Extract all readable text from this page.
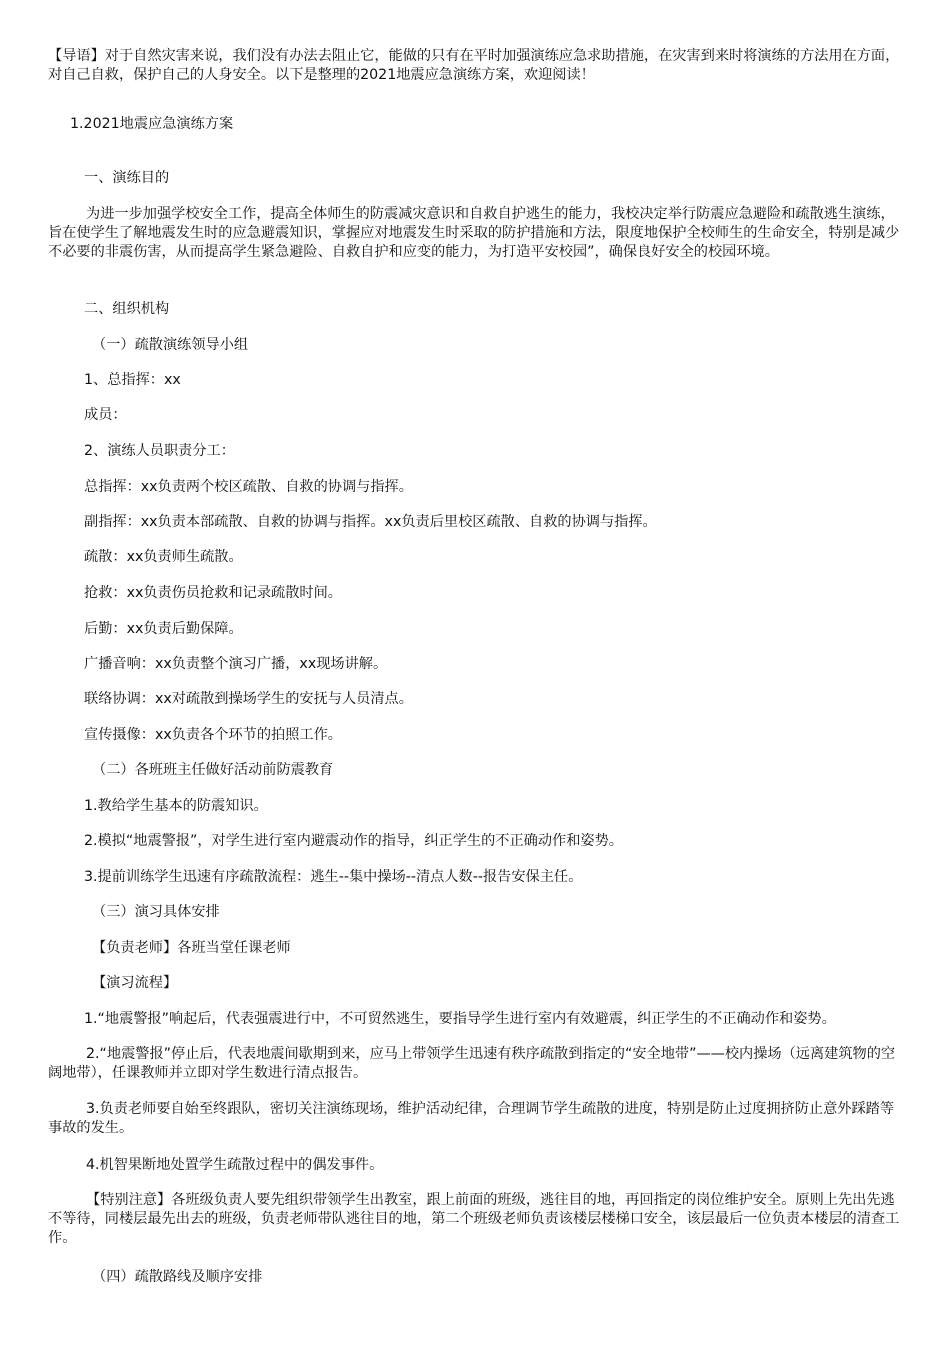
【导语】对于自然灾害来说，我们没有办法去阻止它，能做的只有在平时加强演练应急求助措施，在灾害到来时将演练的方法用在方面，对自己自救，保护自己的人身安全。以下是整理的2021地震应急演练方案，欢迎阅读！

1.2021地震应急演练方案

一、演练目的

为进一步加强学校安全工作，提高全体师生的防震减灾意识和自救自护逃生的能力，我校决定举行防震应急避险和疏散逃生演练，旨在使学生了解地震发生时的应急避震知识，掌握应对地震发生时采取的防护措施和方法，限度地保护全校师生的生命安全，特别是减少不必要的非震伤害，从而提高学生紧急避险、自救自护和应变的能力，为打造平安校园”，确保良好安全的校园环境。

二、组织机构

（一）疏散演练领导小组

1、总指挥：xx

成员：

2、演练人员职责分工：

总指挥：xx负责两个校区疏散、自救的协调与指挥。

副指挥：xx负责本部疏散、自救的协调与指挥。xx负责后里校区疏散、自救的协调与指挥。

疏散：xx负责师生疏散。

抢救：xx负责伤员抢救和记录疏散时间。

后勤：xx负责后勤保障。

广播音响：xx负责整个演习广播，xx现场讲解。

联络协调：xx对疏散到操场学生的安抚与人员清点。

宣传摄像：xx负责各个环节的拍照工作。

（二）各班班主任做好活动前防震教育

1.教给学生基本的防震知识。

2.模拟“地震警报”，对学生进行室内避震动作的指导，纠正学生的不正确动作和姿势。

3.提前训练学生迅速有序疏散流程：逃生--集中操场--清点人数--报告安保主任。

（三）演习具体安排

【负责老师】各班当堂任课老师

【演习流程】

1.“地震警报”响起后，代表强震进行中，不可贸然逃生，要指导学生进行室内有效避震，纠正学生的不正确动作和姿势。

2.“地震警报”停止后，代表地震间歇期到来，应马上带领学生迅速有秩序疏散到指定的“安全地带”——校内操场（远离建筑物的空阔地带），任课教师并立即对学生数进行清点报告。

3.负责老师要自始至终跟队，密切关注演练现场，维护活动纪律，合理调节学生疏散的进度，特别是防止过度拥挤防止意外踩踏等事故的发生。

4.机智果断地处置学生疏散过程中的偶发事件。

【特别注意】各班级负责人要先组织带领学生出教室，跟上前面的班级，逃往目的地，再回指定的岗位维护安全。原则上先出先逃不等待，同楼层最先出去的班级，负责老师带队逃往目的地，第二个班级老师负责该楼层楼梯口安全，该层最后一位负责本楼层的清查工作。

（四）疏散路线及顺序安排
